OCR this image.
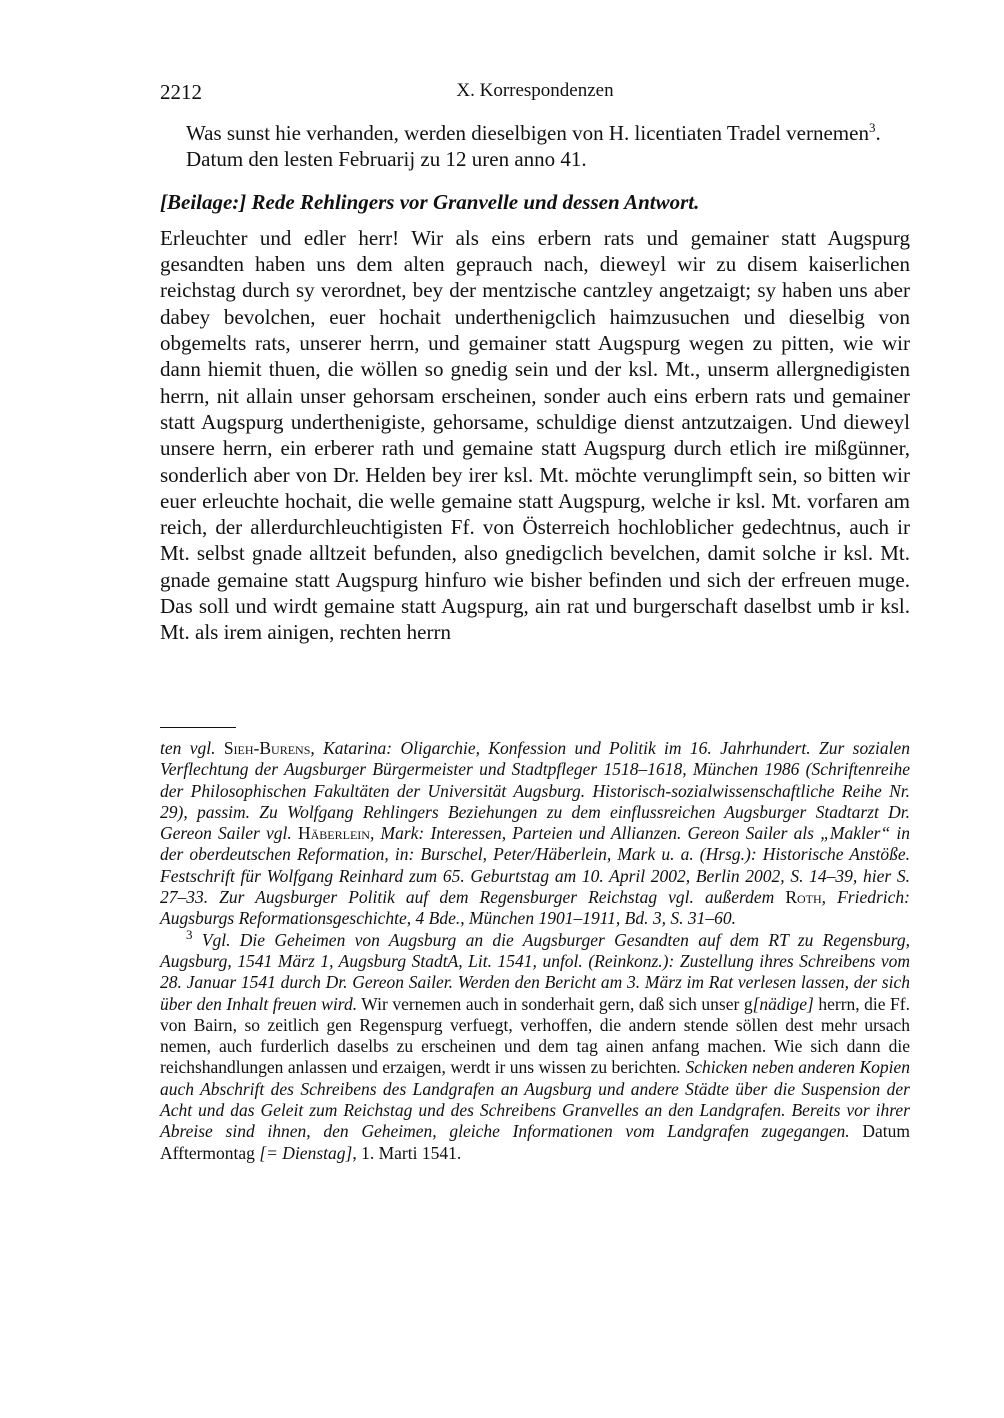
2212	X. Korrespondenzen

Was sunst hie verhanden, werden dieselbigen von H. licentiaten Tradel vernemen$^3$.

Datum den lesten Februarij zu 12 uren anno 41.

[Beilage:] Rede Rehlingers vor Granvelle und dessen Antwort.

Erleuchter und edler herr! Wir als eins erbern rats und gemainer statt Augspurg gesandten haben uns dem alten geprauch nach, dieweyl wir zu disem kaiserlichen reichstag durch sy verordnet, bey der mentzische cantzley angetzaigt; sy haben uns aber dabey bevolchen, euer hochait underthenigclich haimzusuchen und dieselbig von obgemelts rats, unserer herrn, und gemainer statt Augspurg wegen zu pitten, wie wir dann hiemit thuen, die wöllen so gnedig sein und der ksl. Mt., unserm allergnedigisten herrn, nit allain unser gehorsam erscheinen, sonder auch eins erbern rats und gemainer statt Augspurg underthenigiste, gehorsame, schuldige dienst antzutzaigen. Und dieweyl unsere herrn, ein erberer rath und gemaine statt Augspurg durch etlich ire mißgünner, sonderlich aber von Dr. Helden bey irer ksl. Mt. möchte verunglimpft sein, so bitten wir euer erleuchte hochait, die welle gemaine statt Augspurg, welche ir ksl. Mt. vorfaren am reich, der allerdurchleuchtigisten Ff. von Österreich hochloblicher gedechtnus, auch ir Mt. selbst gnade alltzeit befunden, also gnedigclich bevelchen, damit solche ir ksl. Mt. gnade gemaine statt Augspurg hinfuro wie bisher befinden und sich der erfreuen muge. Das soll und wirdt gemaine statt Augspurg, ain rat und burgerschaft daselbst umb ir ksl. Mt. als irem ainigen, rechten herrn

ten vgl. Sieh-Burens, Katarina: Oligarchie, Konfession und Politik im 16. Jahrhundert. Zur sozialen Verflechtung der Augsburger Bürgermeister und Stadtpfleger 1518–1618, München 1986 (Schriftenreihe der Philosophischen Fakultäten der Universität Augsburg. Historisch-sozialwissenschaftliche Reihe Nr. 29), passim. Zu Wolfgang Rehlingers Beziehungen zu dem einflussreichen Augsburger Stadtarzt Dr. Gereon Sailer vgl. Häberlein, Mark: Interessen, Parteien und Allianzen. Gereon Sailer als „Makler“ in der oberdeutschen Reformation, in: Burschel, Peter/Häberlein, Mark u. a. (Hrsg.): Historische Anstöße. Festschrift für Wolfgang Reinhard zum 65. Geburtstag am 10. April 2002, Berlin 2002, S. 14–39, hier S. 27–33. Zur Augsburger Politik auf dem Regensburger Reichstag vgl. außerdem Roth, Friedrich: Augsburgs Reformationsgeschichte, 4 Bde., München 1901–1911, Bd. 3, S. 31–60.

$^3$ Vgl. Die Geheimen von Augsburg an die Augsburger Gesandten auf dem RT zu Regensburg, Augsburg, 1541 März 1, Augsburg StadtA, Lit. 1541, unfol. (Reinkonz.): Zustellung ihres Schreibens vom 28. Januar 1541 durch Dr. Gereon Sailer. Werden den Bericht am 3. März im Rat verlesen lassen, der sich über den Inhalt freuen wird. Wir vernemen auch in sonderhait gern, daß sich unser g[nädige] herrn, die Ff. von Bairn, so zeitlich gen Regenspurg verfuegt, verhoffen, die andern stende söllen dest mehr ursach nemen, auch furderlich daselbs zu erscheinen und dem tag ainen anfang machen. Wie sich dann die reichshandlungen anlassen und erzaigen, werdt ir uns wissen zu berichten. Schicken neben anderen Kopien auch Abschrift des Schreibens des Landgrafen an Augsburg und andere Städte über die Suspension der Acht und das Geleit zum Reichstag und des Schreibens Granvelles an den Landgrafen. Bereits vor ihrer Abreise sind ihnen, den Geheimen, gleiche Informationen vom Landgrafen zugegangen. Datum Afftermontag [= Dienstag], 1. Marti 1541.
